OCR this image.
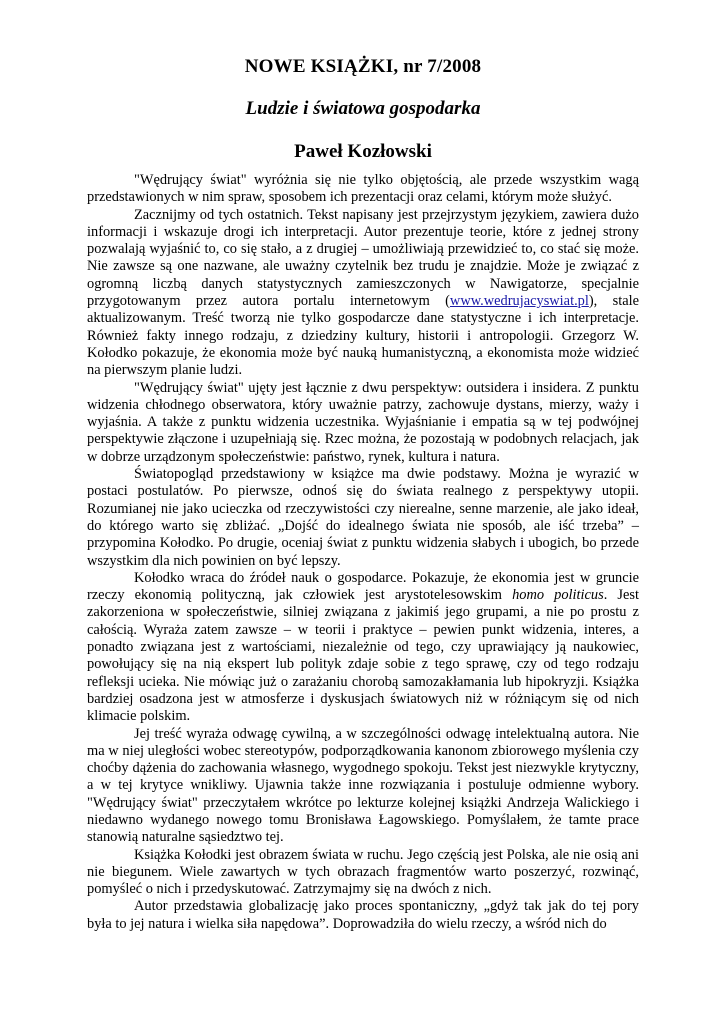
NOWE KSIĄŻKI, nr 7/2008
Ludzie i światowa gospodarka
Paweł Kozłowski

"Wędrujący świat" wyróżnia się nie tylko objętością, ale przede wszystkim wagą przedstawionych w nim spraw, sposobem ich prezentacji oraz celami, którym może służyć.

Zacznijmy od tych ostatnich. Tekst napisany jest przejrzystym językiem, zawiera dużo informacji i wskazuje drogi ich interpretacji. Autor prezentuje teorie, które z jednej strony pozwalają wyjaśnić to, co się stało, a z drugiej – umożliwiają przewidzieć to, co stać się może. Nie zawsze są one nazwane, ale uważny czytelnik bez trudu je znajdzie. Może je związać z ogromną liczbą danych statystycznych zamieszczonych w Nawigatorze, specjalnie przygotowanym przez autora portalu internetowym (www.wedrujacyswiat.pl), stale aktualizowanym. Treść tworzą nie tylko gospodarcze dane statystyczne i ich interpretacje. Również fakty innego rodzaju, z dziedziny kultury, historii i antropologii. Grzegorz W. Kołodko pokazuje, że ekonomia może być nauką humanistyczną, a ekonomista może widzieć na pierwszym planie ludzi.

"Wędrujący świat" ujęty jest łącznie z dwu perspektyw: outsidera i insidera. Z punktu widzenia chłodnego obserwatora, który uważnie patrzy, zachowuje dystans, mierzy, waży i wyjaśnia. A także z punktu widzenia uczestnika. Wyjaśnianie i empatia są w tej podwójnej perspektywie złączone i uzupełniają się. Rzec można, że pozostają w podobnych relacjach, jak w dobrze urządzonym społeczeństwie: państwo, rynek, kultura i natura.

Światopogląd przedstawiony w książce ma dwie podstawy. Można je wyrazić w postaci postulatów. Po pierwsze, odnoś się do świata realnego z perspektywy utopii. Rozumianej nie jako ucieczka od rzeczywistości czy nierealne, senne marzenie, ale jako ideał, do którego warto się zbliżać. „Dojść do idealnego świata nie sposób, ale iść trzeba” – przypomina Kołodko. Po drugie, oceniaj świat z punktu widzenia słabych i ubogich, bo przede wszystkim dla nich powinien on być lepszy.

Kołodko wraca do źródeł nauk o gospodarce. Pokazuje, że ekonomia jest w gruncie rzeczy ekonomią polityczną, jak człowiek jest arystotelesowskim homo politicus. Jest zakorzeniona w społeczeństwie, silniej związana z jakimiś jego grupami, a nie po prostu z całością. Wyraża zatem zawsze – w teorii i praktyce – pewien punkt widzenia, interes, a ponadto związana jest z wartościami, niezależnie od tego, czy uprawiający ją naukowiec, powołujący się na nią ekspert lub polityk zdaje sobie z tego sprawę, czy od tego rodzaju refleksji ucieka. Nie mówiąc już o zarażaniu chorobą samozakłamania lub hipokryzji. Książka bardziej osadzona jest w atmosferze i dyskusjach światowych niż w różniącym się od nich klimacie polskim.

Jej treść wyraża odwagę cywilną, a w szczególności odwagę intelektualną autora. Nie ma w niej uległości wobec stereotypów, podporządkowania kanonom zbiorowego myślenia czy choćby dążenia do zachowania własnego, wygodnego spokoju. Tekst jest niezwykle krytyczny, a w tej krytyce wnikliwy. Ujawnia także inne rozwiązania i postuluje odmienne wybory. "Wędrujący świat" przeczytałem wkrótce po lekturze kolejnej książki Andrzeja Walickiego i niedawno wydanego nowego tomu Bronisława Łagowskiego. Pomyślałem, że tamte prace stanowią naturalne sąsiedztwo tej.

Książka Kołodki jest obrazem świata w ruchu. Jego częścią jest Polska, ale nie osią ani nie biegunem. Wiele zawartych w tych obrazach fragmentów warto poszerzyć, rozwinąć, pomyśleć o nich i przedyskutować. Zatrzymajmy się na dwóch z nich.

Autor przedstawia globalizację jako proces spontaniczny, „gdyż tak jak do tej pory była to jej natura i wielka siła napędowa”. Doprowadziła do wielu rzeczy, a wśród nich do
